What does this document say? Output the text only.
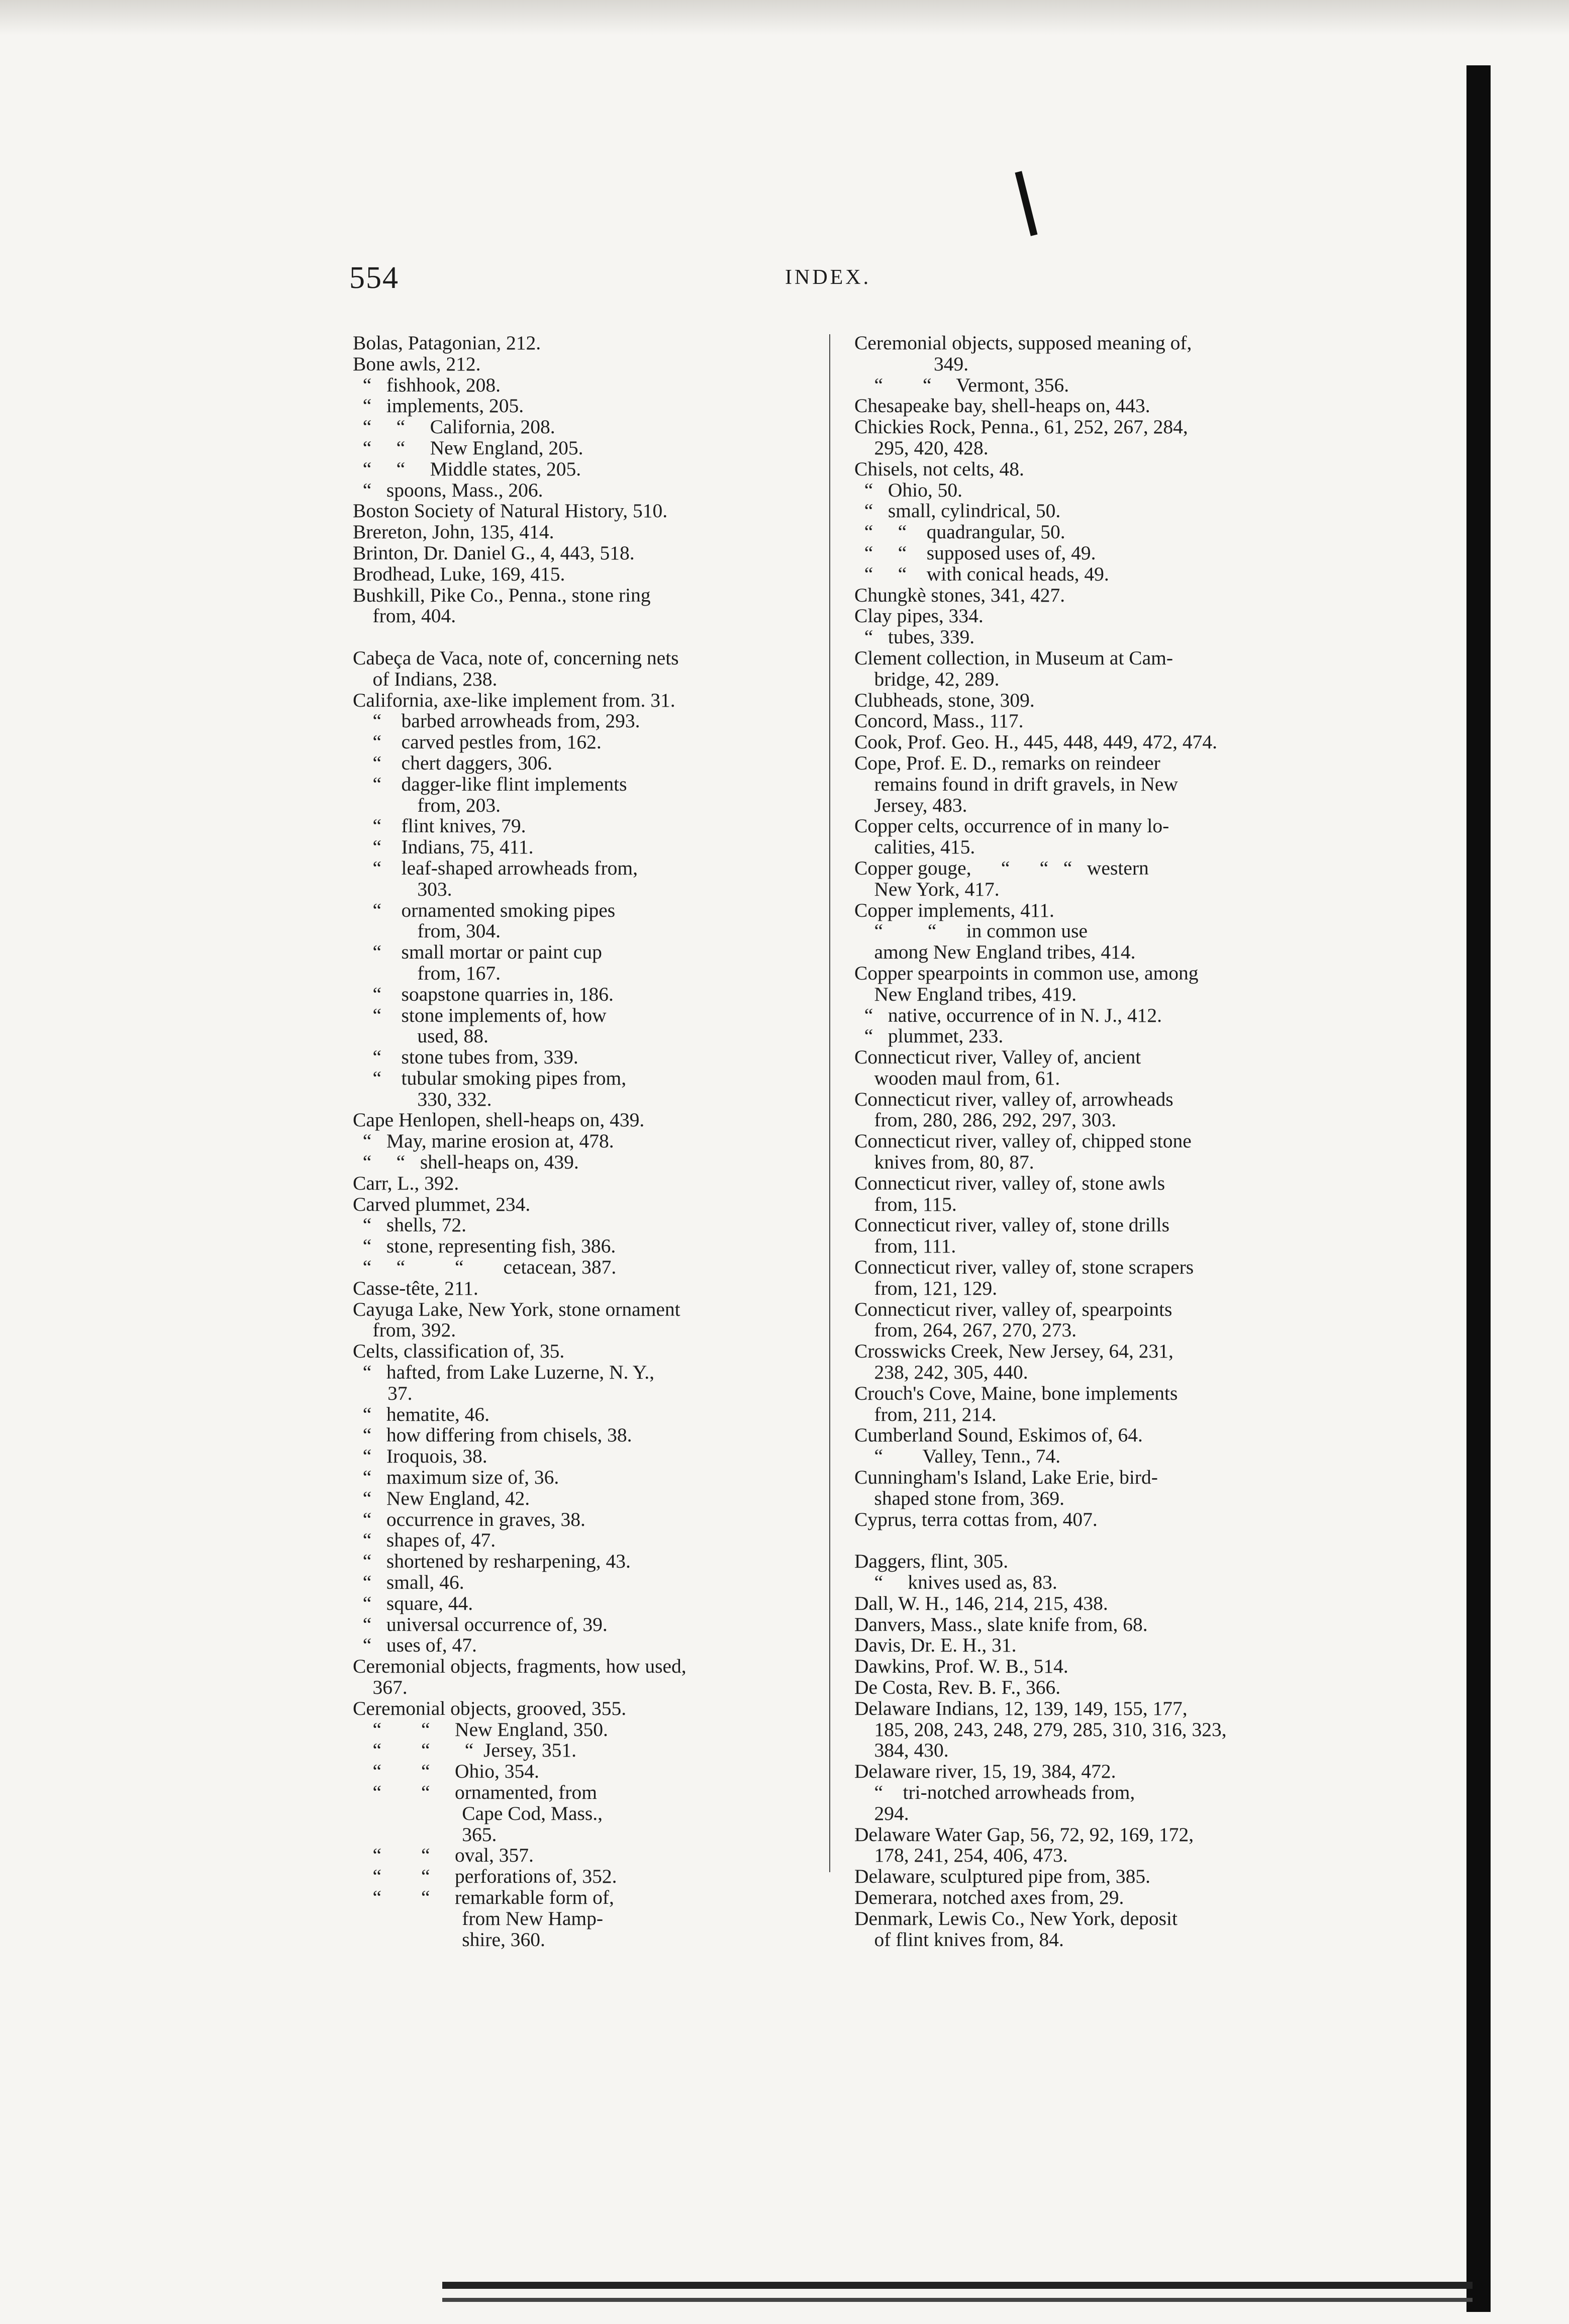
554	INDEX.
Bolas, Patagonian, 212.
Bone awls, 212.
“   fishhook, 208.
“   implements, 205.
“     “     California, 208.
“     “     New England, 205.
“     “     Middle states, 205.
“   spoons, Mass., 206.
Boston Society of Natural History, 510.
Brereton, John, 135, 414.
Brinton, Dr. Daniel G., 4, 443, 518.
Brodhead, Luke, 169, 415.
Bushkill, Pike Co., Penna., stone ring
from, 404.
Cabeça de Vaca, note of, concerning nets
of Indians, 238.
California, axe-like implement from. 31.
“    barbed arrowheads from, 293.
“    carved pestles from, 162.
“    chert daggers, 306.
“    dagger-like flint implements
from, 203.
“    flint knives, 79.
“    Indians, 75, 411.
“    leaf-shaped arrowheads from,
303.
“    ornamented smoking pipes
from, 304.
“    small mortar or paint cup
from, 167.
“    soapstone quarries in, 186.
“    stone implements of, how
used, 88.
“    stone tubes from, 339.
“    tubular smoking pipes from,
330, 332.
Cape Henlopen, shell-heaps on, 439.
“   May, marine erosion at, 478.
“     “   shell-heaps on, 439.
Carr, L., 392.
Carved plummet, 234.
“   shells, 72.
“   stone, representing fish, 386.
“     “          “        cetacean, 387.
Casse-tête, 211.
Cayuga Lake, New York, stone ornament
from, 392.
Celts, classification of, 35.
“   hafted, from Lake Luzerne, N. Y.,
37.
“   hematite, 46.
“   how differing from chisels, 38.
“   Iroquois, 38.
“   maximum size of, 36.
“   New England, 42.
“   occurrence in graves, 38.
“   shapes of, 47.
“   shortened by resharpening, 43.
“   small, 46.
“   square, 44.
“   universal occurrence of, 39.
“   uses of, 47.
Ceremonial objects, fragments, how used,
367.
Ceremonial objects, grooved, 355.
“        “     New England, 350.
“        “       “  Jersey, 351.
“        “     Ohio, 354.
“        “     ornamented, from
Cape Cod, Mass.,
365.
“        “     oval, 357.
“        “     perforations of, 352.
“        “     remarkable form of,
from New Hamp-
shire, 360.
Ceremonial objects, supposed meaning of,
349.
“        “     Vermont, 356.
Chesapeake bay, shell-heaps on, 443.
Chickies Rock, Penna., 61, 252, 267, 284,
295, 420, 428.
Chisels, not celts, 48.
“   Ohio, 50.
“   small, cylindrical, 50.
“     “    quadrangular, 50.
“     “    supposed uses of, 49.
“     “    with conical heads, 49.
Chungkè stones, 341, 427.
Clay pipes, 334.
“   tubes, 339.
Clement collection, in Museum at Cam-
bridge, 42, 289.
Clubheads, stone, 309.
Concord, Mass., 117.
Cook, Prof. Geo. H., 445, 448, 449, 472, 474.
Cope, Prof. E. D., remarks on reindeer
remains found in drift gravels, in New
Jersey, 483.
Copper celts, occurrence of in many lo-
calities, 415.
Copper gouge,      “      “   “   western
New York, 417.
Copper implements, 411.
“         “      in common use
among New England tribes, 414.
Copper spearpoints in common use, among
New England tribes, 419.
“   native, occurrence of in N. J., 412.
“   plummet, 233.
Connecticut river, Valley of, ancient
wooden maul from, 61.
Connecticut river, valley of, arrowheads
from, 280, 286, 292, 297, 303.
Connecticut river, valley of, chipped stone
knives from, 80, 87.
Connecticut river, valley of, stone awls
from, 115.
Connecticut river, valley of, stone drills
from, 111.
Connecticut river, valley of, stone scrapers
from, 121, 129.
Connecticut river, valley of, spearpoints
from, 264, 267, 270, 273.
Crosswicks Creek, New Jersey, 64, 231,
238, 242, 305, 440.
Crouch's Cove, Maine, bone implements
from, 211, 214.
Cumberland Sound, Eskimos of, 64.
“        Valley, Tenn., 74.
Cunningham's Island, Lake Erie, bird-
shaped stone from, 369.
Cyprus, terra cottas from, 407.
Daggers, flint, 305.
“     knives used as, 83.
Dall, W. H., 146, 214, 215, 438.
Danvers, Mass., slate knife from, 68.
Davis, Dr. E. H., 31.
Dawkins, Prof. W. B., 514.
De Costa, Rev. B. F., 366.
Delaware Indians, 12, 139, 149, 155, 177,
185, 208, 243, 248, 279, 285, 310, 316, 323,
384, 430.
Delaware river, 15, 19, 384, 472.
“    tri-notched arrowheads from,
294.
Delaware Water Gap, 56, 72, 92, 169, 172,
178, 241, 254, 406, 473.
Delaware, sculptured pipe from, 385.
Demerara, notched axes from, 29.
Denmark, Lewis Co., New York, deposit
of flint knives from, 84.
